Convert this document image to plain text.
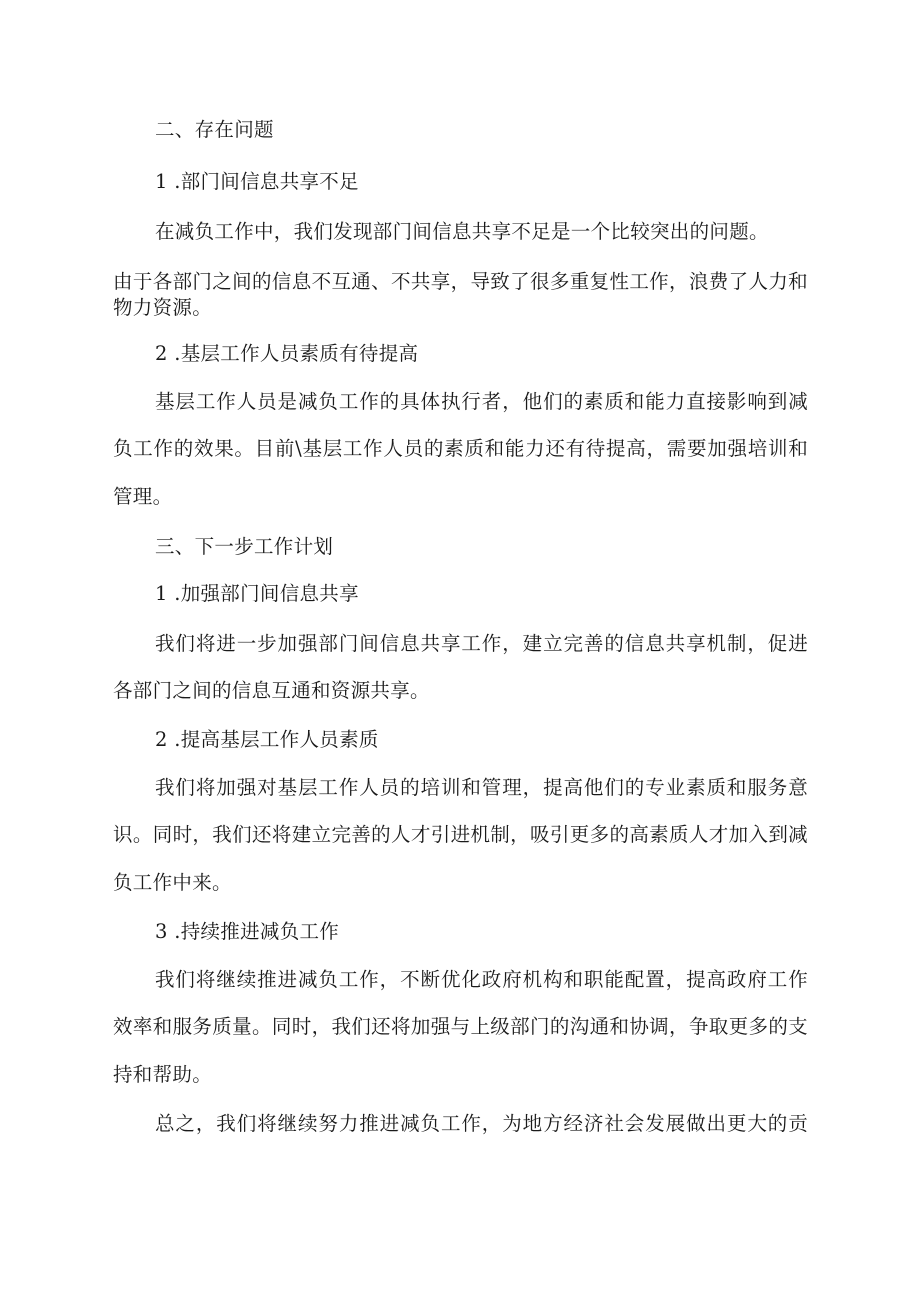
二、存在问题
1 .部门间信息共享不足
在减负工作中，我们发现部门间信息共享不足是一个比较突出的问题。
由于各部门之间的信息不互通、不共享，导致了很多重复性工作，浪费了人力和
物力资源。
2 .基层工作人员素质有待提高
基层工作人员是减负工作的具体执行者，他们的素质和能力直接影响到减
负工作的效果。目前\基层工作人员的素质和能力还有待提高，需要加强培训和
管理。
三、下一步工作计划
1 .加强部门间信息共享
我们将进一步加强部门间信息共享工作，建立完善的信息共享机制，促进
各部门之间的信息互通和资源共享。
2 .提高基层工作人员素质
我们将加强对基层工作人员的培训和管理，提高他们的专业素质和服务意
识。同时，我们还将建立完善的人才引进机制，吸引更多的高素质人才加入到减
负工作中来。
3 .持续推进减负工作
我们将继续推进减负工作，不断优化政府机构和职能配置，提高政府工作
效率和服务质量。同时，我们还将加强与上级部门的沟通和协调，争取更多的支
持和帮助。
总之，我们将继续努力推进减负工作，为地方经济社会发展做出更大的贡
